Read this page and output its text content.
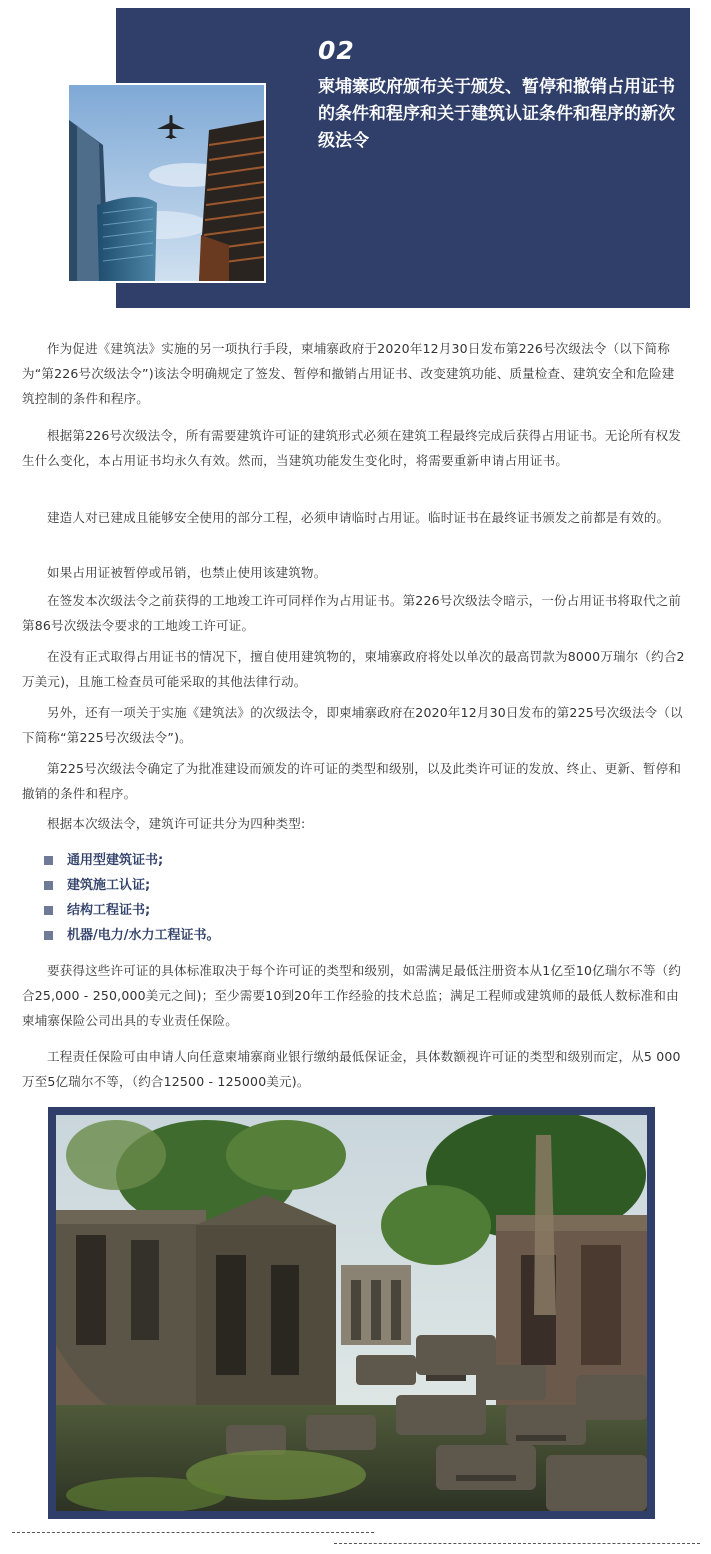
02
柬埔寨政府颁布关于颁发、暂停和撤销占用证书的条件和程序和关于建筑认证条件和程序的新次级法令

作为促进《建筑法》实施的另一项执行手段，柬埔寨政府于2020年12月30日发布第226号次级法令（以下简称为“第226号次级法令”)该法令明确规定了签发、暂停和撤销占用证书、改变建筑功能、质量检查、建筑安全和危险建筑控制的条件和程序。

根据第226号次级法令，所有需要建筑许可证的建筑形式必须在建筑工程最终完成后获得占用证书。无论所有权发生什么变化，本占用证书均永久有效。然而，当建筑功能发生变化时，将需要重新申请占用证书。

建造人对已建成且能够安全使用的部分工程，必须申请临时占用证。临时证书在最终证书颁发之前都是有效的。

如果占用证被暂停或吊销，也禁止使用该建筑物。

在签发本次级法令之前获得的工地竣工许可同样作为占用证书。第226号次级法令暗示，一份占用证书将取代之前第86号次级法令要求的工地竣工许可证。

在没有正式取得占用证书的情况下，擅自使用建筑物的，柬埔寨政府将处以单次的最高罚款为8000万瑞尔（约合2万美元)，且施工检查员可能采取的其他法律行动。

另外，还有一项关于实施《建筑法》的次级法令，即柬埔寨政府在2020年12月30日发布的第225号次级法令（以下简称“第225号次级法令”)。

第225号次级法令确定了为批准建设而颁发的许可证的类型和级别，以及此类许可证的发放、终止、更新、暂停和撤销的条件和程序。

根据本次级法令，建筑许可证共分为四种类型:

通用型建筑证书;
建筑施工认证;
结构工程证书;
机器/电力/水力工程证书。

要获得这些许可证的具体标准取决于每个许可证的类型和级别，如需满足最低注册资本从1亿至10亿瑞尔不等（约合25,000 - 250,000美元之间)；至少需要10到20年工作经验的技术总监；满足工程师或建筑师的最低人数标准和由柬埔寨保险公司出具的专业责任保险。

工程责任保险可由申请人向任意柬埔寨商业银行缴纳最低保证金，具体数额视许可证的类型和级别而定，从5 000万至5亿瑞尔不等，（约合12500 - 125000美元)。
